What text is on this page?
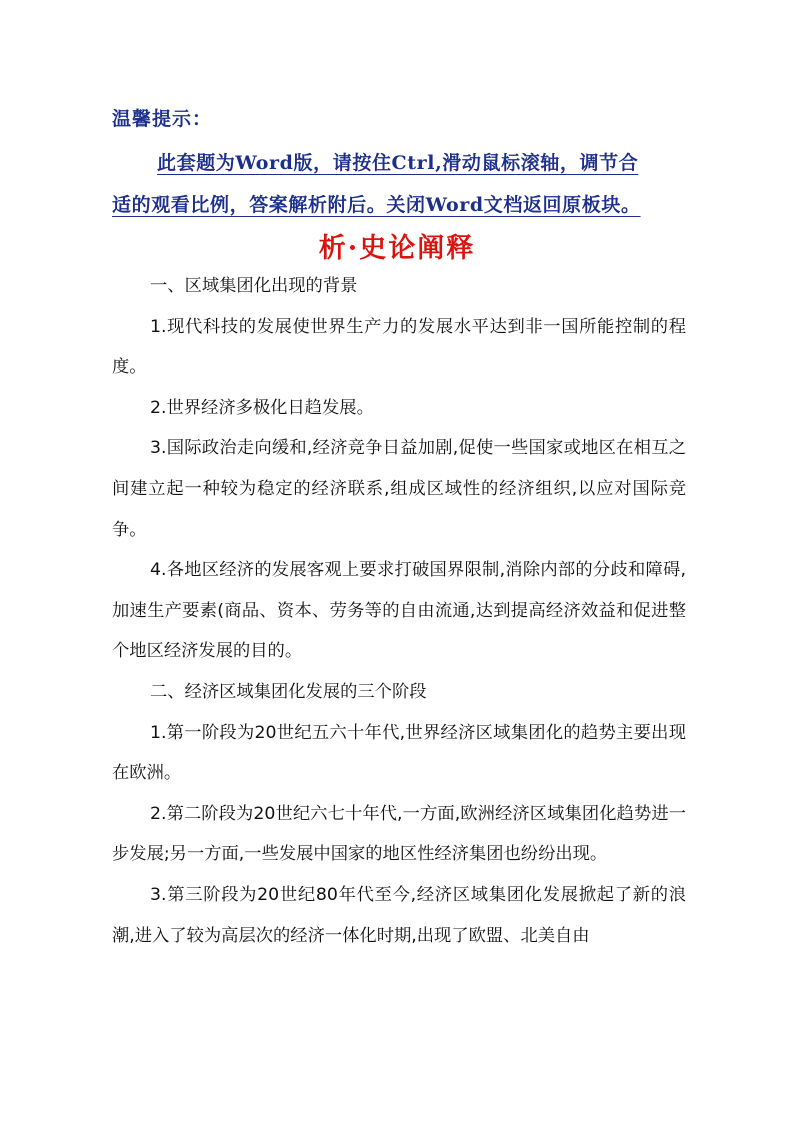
温馨提示：
此套题为Word版，请按住Ctrl,滑动鼠标滚轴，调节合
适的观看比例，答案解析附后。关闭Word文档返回原板块。
析·史论阐释

一、区域集团化出现的背景

1.现代科技的发展使世界生产力的发展水平达到非一国所能控制的程度。

2.世界经济多极化日趋发展。

3.国际政治走向缓和,经济竞争日益加剧,促使一些国家或地区在相互之间建立起一种较为稳定的经济联系,组成区域性的经济组织,以应对国际竞争。

4.各地区经济的发展客观上要求打破国界限制,消除内部的分歧和障碍,加速生产要素(商品、资本、劳务等的自由流通,达到提高经济效益和促进整个地区经济发展的目的。

二、经济区域集团化发展的三个阶段

1.第一阶段为20世纪五六十年代,世界经济区域集团化的趋势主要出现在欧洲。

2.第二阶段为20世纪六七十年代,一方面,欧洲经济区域集团化趋势进一步发展;另一方面,一些发展中国家的地区性经济集团也纷纷出现。

3.第三阶段为20世纪80年代至今,经济区域集团化发展掀起了新的浪潮,进入了较为高层次的经济一体化时期,出现了欧盟、北美自由
